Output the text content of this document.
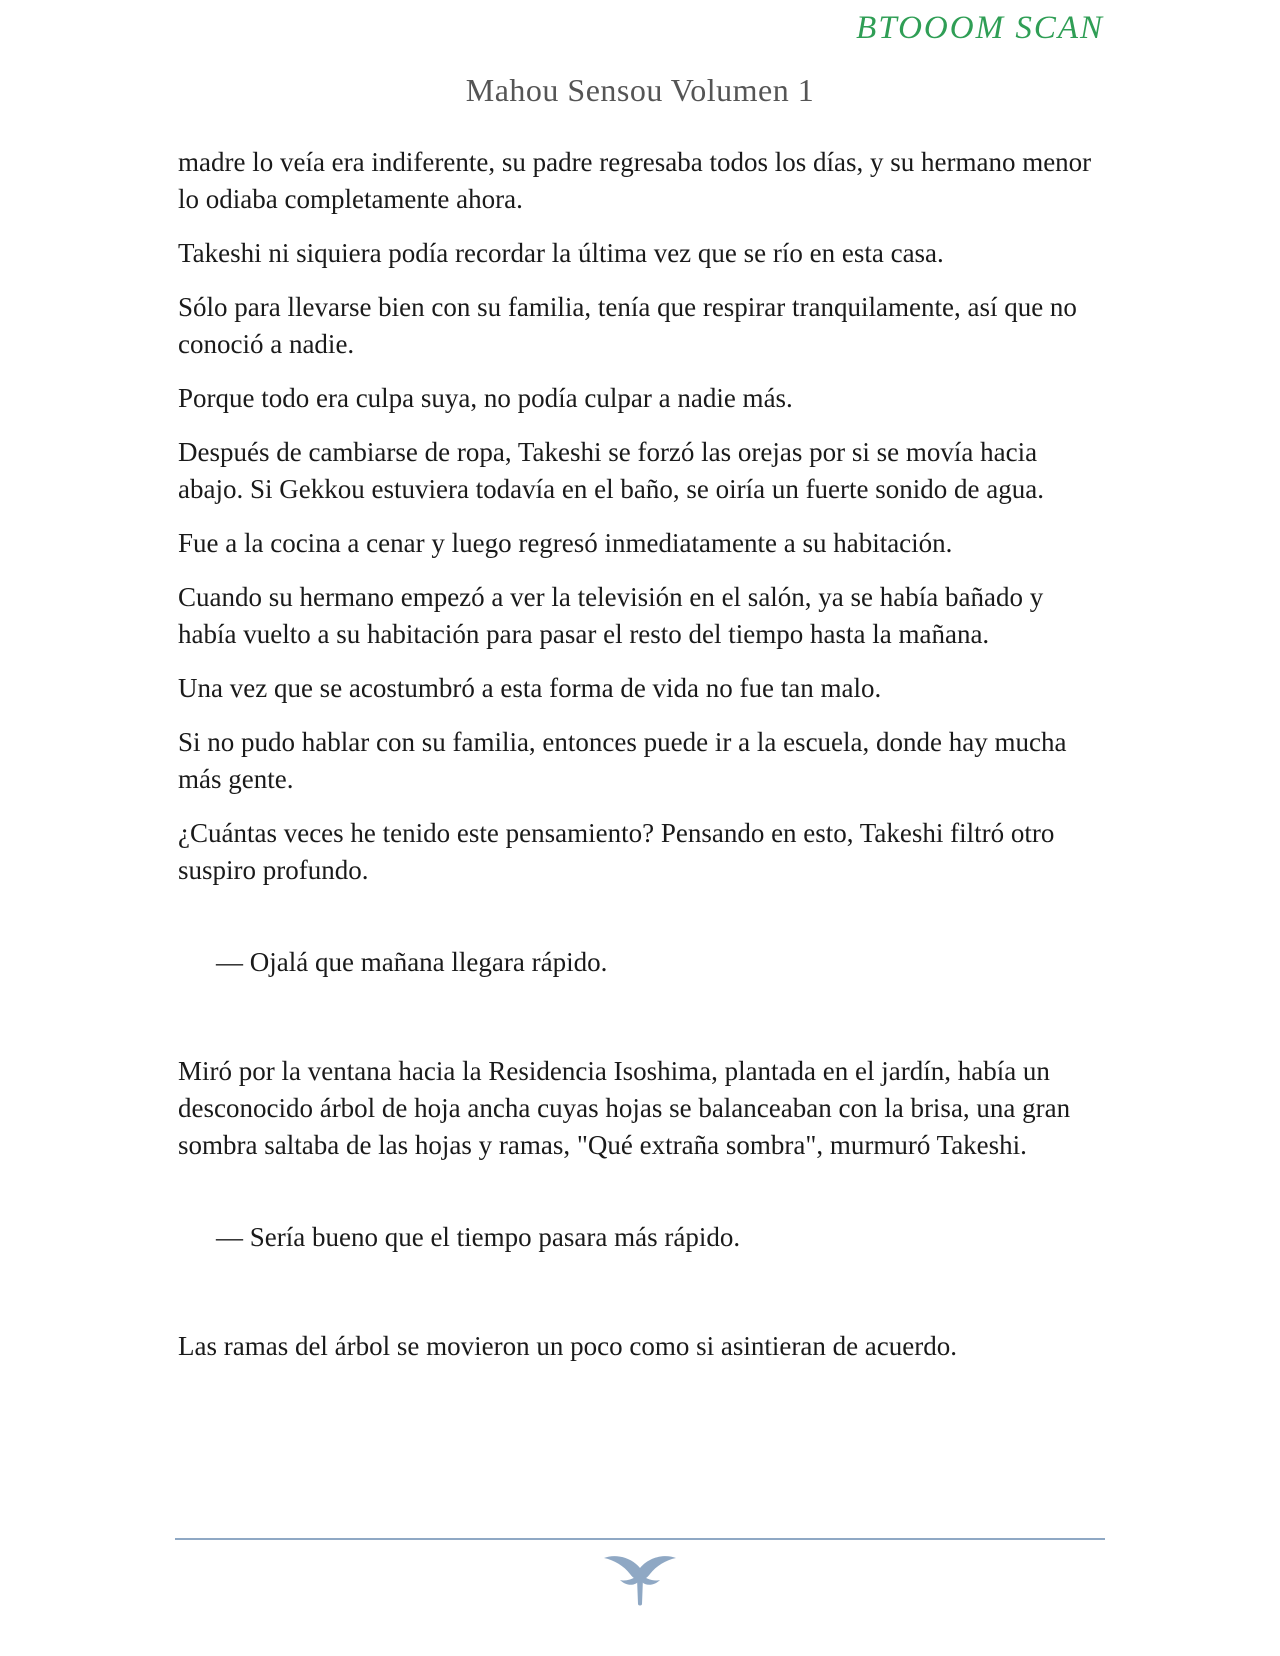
BTOOOM SCAN
Mahou Sensou Volumen 1

madre lo veía era indiferente, su padre regresaba todos los días, y su hermano menor lo odiaba completamente ahora.

Takeshi ni siquiera podía recordar la última vez que se río en esta casa.

Sólo para llevarse bien con su familia, tenía que respirar tranquilamente, así que no conoció a nadie.

Porque todo era culpa suya, no podía culpar a nadie más.

Después de cambiarse de ropa, Takeshi se forzó las orejas por si se movía hacia abajo. Si Gekkou estuviera todavía en el baño, se oiría un fuerte sonido de agua.

Fue a la cocina a cenar y luego regresó inmediatamente a su habitación.

Cuando su hermano empezó a ver la televisión en el salón, ya se había bañado y había vuelto a su habitación para pasar el resto del tiempo hasta la mañana.

Una vez que se acostumbró a esta forma de vida no fue tan malo.

Si no pudo hablar con su familia, entonces puede ir a la escuela, donde hay mucha más gente.

¿Cuántas veces he tenido este pensamiento? Pensando en esto, Takeshi filtró otro suspiro profundo.

— Ojalá que mañana llegara rápido.

Miró por la ventana hacia la Residencia Isoshima, plantada en el jardín, había un desconocido árbol de hoja ancha cuyas hojas se balanceaban con la brisa, una gran sombra saltaba de las hojas y ramas, "Qué extraña sombra", murmuró Takeshi.

— Sería bueno que el tiempo pasara más rápido.

Las ramas del árbol se movieron un poco como si asintieran de acuerdo.
